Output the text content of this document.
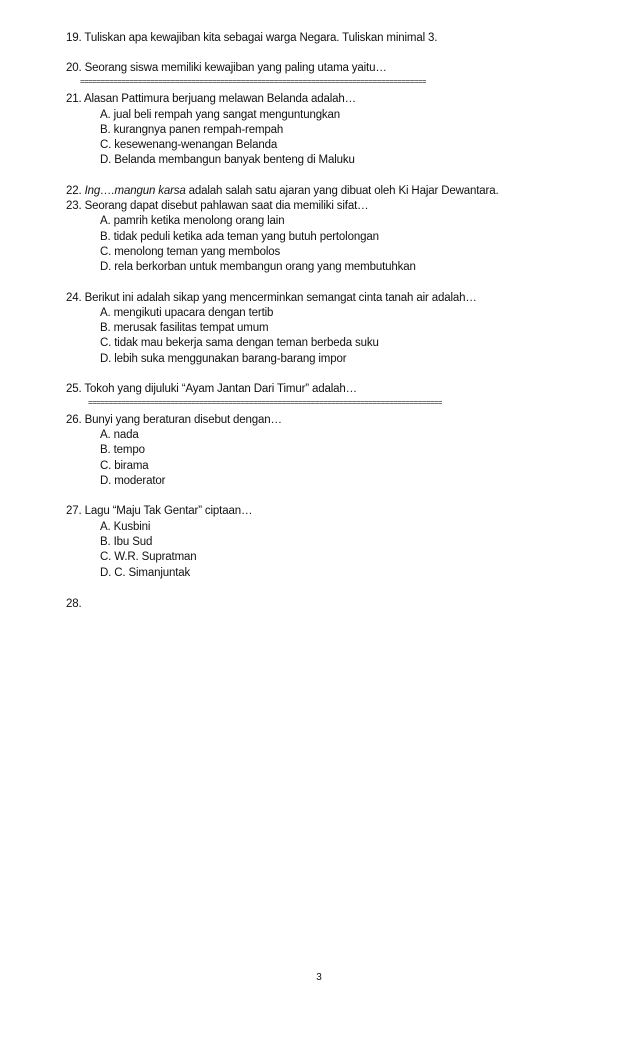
19. Tuliskan apa kewajiban kita sebagai warga Negara. Tuliskan minimal 3.
20. Seorang siswa memiliki kewajiban yang paling utama yaitu…
====================================================================================
21. Alasan Pattimura berjuang melawan Belanda adalah…
A. jual beli rempah yang sangat menguntungkan
B. kurangnya panen rempah-rempah
C. kesewenang-wenangan Belanda
D. Belanda membangun banyak benteng di Maluku
22. Ing….mangun karsa adalah salah satu ajaran yang dibuat oleh Ki Hajar Dewantara.
23. Seorang dapat disebut pahlawan saat dia memiliki sifat…
A. pamrih ketika menolong orang lain
B. tidak peduli ketika ada teman yang butuh pertolongan
C. menolong teman yang membolos
D. rela berkorban untuk membangun orang yang membutuhkan
24. Berikut ini adalah sikap yang mencerminkan semangat cinta tanah air adalah…
A. mengikuti upacara dengan tertib
B. merusak fasilitas tempat umum
C. tidak mau bekerja sama dengan teman berbeda suku
D. lebih suka menggunakan barang-barang impor
25. Tokoh yang dijuluki “Ayam Jantan Dari Timur” adalah…
======================================================================================
26. Bunyi yang beraturan disebut dengan…
A. nada
B. tempo
C. birama
D. moderator
27. Lagu “Maju Tak Gentar” ciptaan…
A. Kusbini
B. Ibu Sud
C. W.R. Supratman
D. C. Simanjuntak
28.
3
